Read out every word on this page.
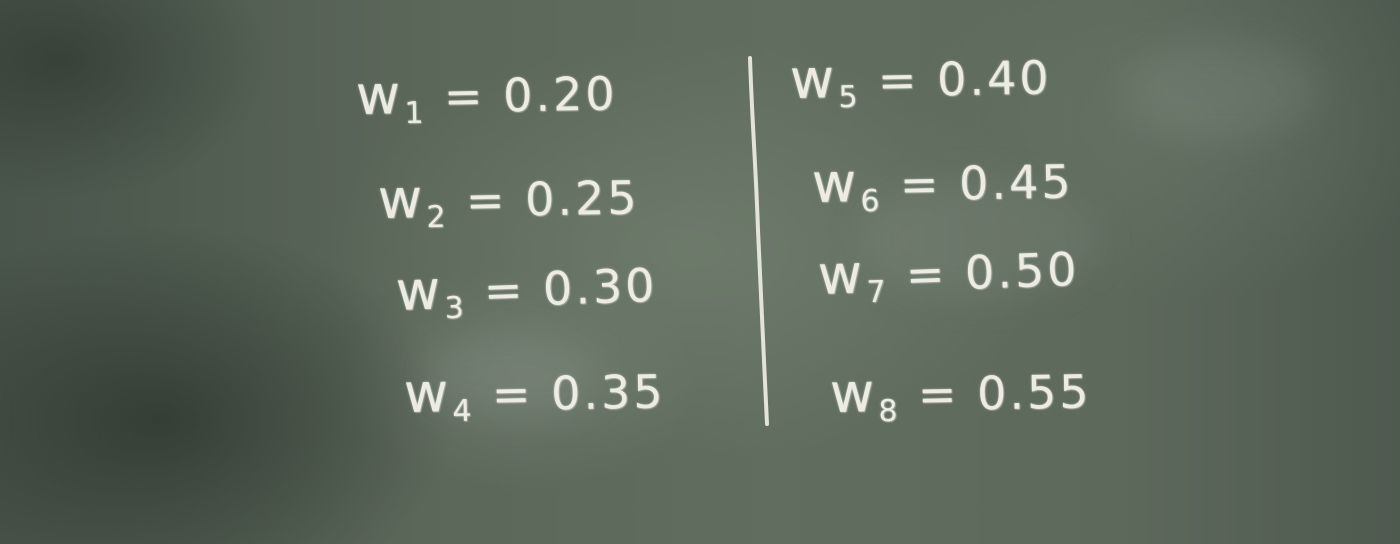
$w_1 = 0.20$
$w_2 = 0.25$
$w_3 = 0.30$
$w_4 = 0.35$
$w_5 = 0.40$
$w_6 = 0.45$
$w_7 = 0.50$
$w_8 = 0.55$
